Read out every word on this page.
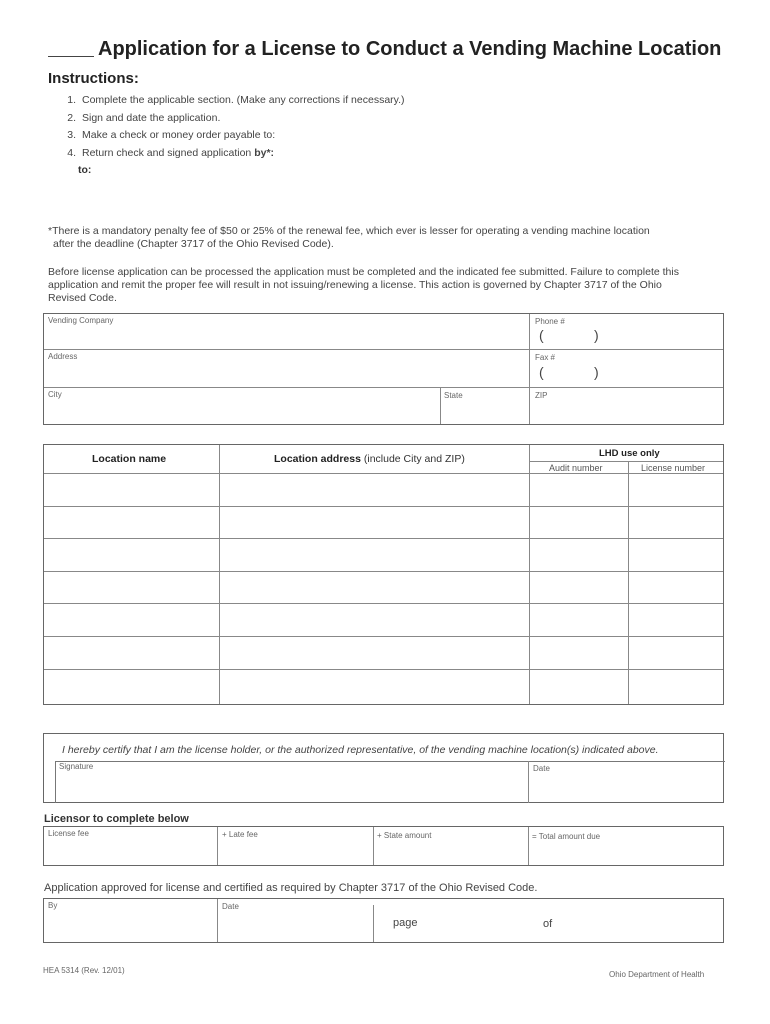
Application for a License to Conduct a Vending Machine Location
Instructions:
1. Complete the applicable section. (Make any corrections if necessary.)
2. Sign and date the application.
3. Make a check or money order payable to:
4. Return check and signed application by*:
to:
*There is a mandatory penalty fee of $50 or 25% of the renewal fee, which ever is lesser for operating a vending machine location
after the deadline (Chapter 3717 of the Ohio Revised Code).
Before license application can be processed the application must be completed and the indicated fee submitted. Failure to complete this
application and remit the proper fee will result in not issuing/renewing a license. This action is governed by Chapter 3717 of the Ohio
Revised Code.
Vending Company	Phone #
(	)
Address	Fax #
(	)
City	State	ZIP
Location name	Location address (include City and ZIP)	LHD use only
Audit number	License number
Signature	Date
I hereby certify that I am the license holder, or the authorized representative, of the vending machine location(s) indicated above.
Licensor to complete below
License fee	+ Late fee	+ State amount	= Total amount due
Application approved for license and certified as required by Chapter 3717 of the Ohio Revised Code.
By	Date
page	of
HEA 5314 (Rev. 12/01)	Ohio Department of Health
